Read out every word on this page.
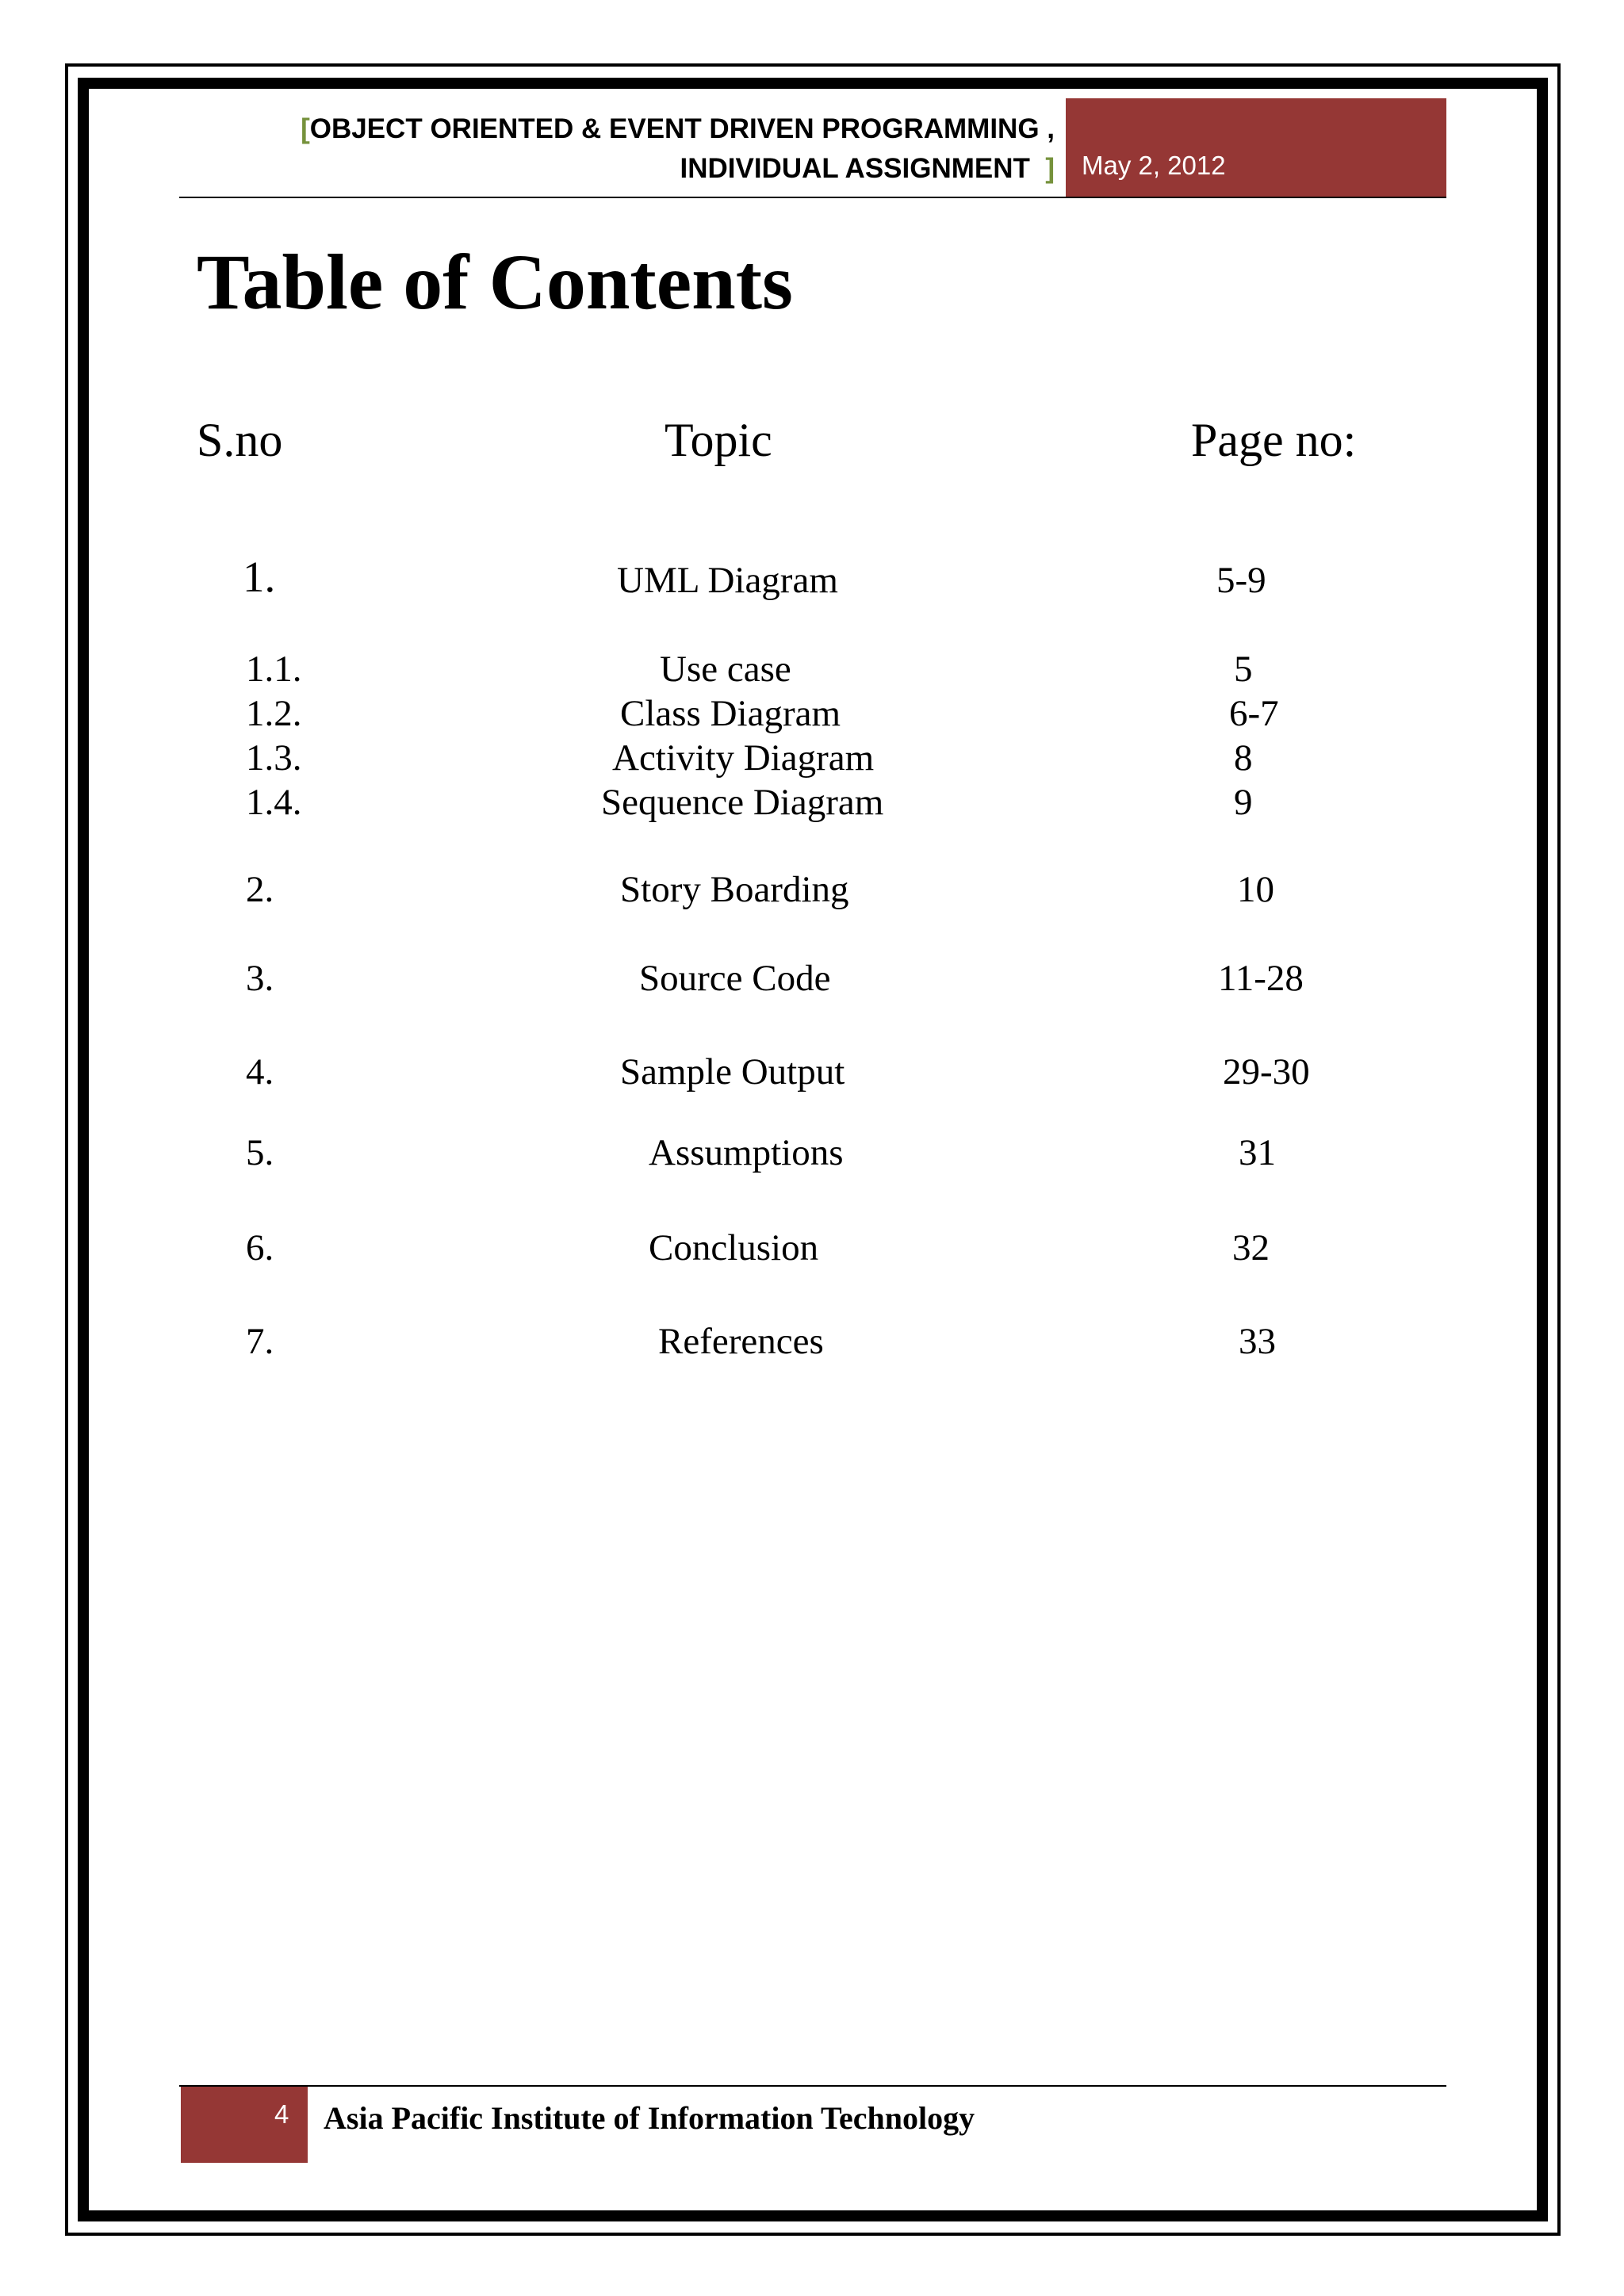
[OBJECT ORIENTED & EVENT DRIVEN PROGRAMMING ,
INDIVIDUAL ASSIGNMENT ] May 2, 2012
Table of Contents
S.no	Topic	Page no:
1.	UML Diagram	5-9
1.1.	Use case	5
1.2.	Class Diagram	6-7
1.3.	Activity Diagram	8
1.4.	Sequence Diagram	9
2.	Story Boarding	10
3.	Source Code	11-28
4.	Sample Output	29-30
5.	Assumptions	31
6.	Conclusion	32
7.	References	33
4 Asia Pacific Institute of Information Technology
